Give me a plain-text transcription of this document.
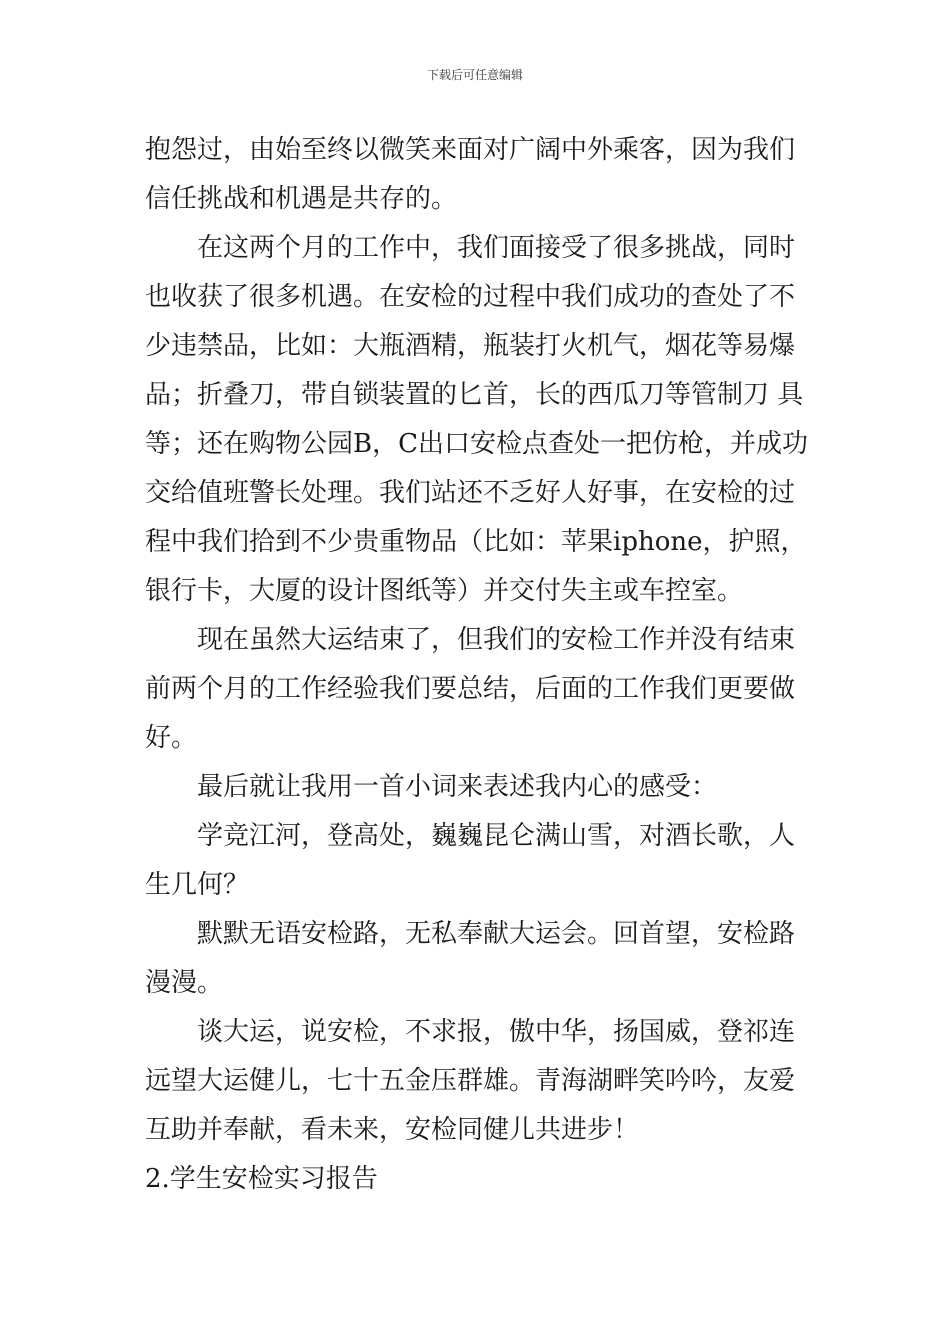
下载后可任意编辑
抱怨过，由始至终以微笑来面对广阔中外乘客，因为我们
信任挑战和机遇是共存的。
在这两个月的工作中，我们面接受了很多挑战，同时
也收获了很多机遇。在安检的过程中我们成功的查处了不
少违禁品，比如：大瓶酒精，瓶装打火机气，烟花等易爆
品；折叠刀，带自锁装置的匕首，长的西瓜刀等管制刀 具
等；还在购物公园B，C出口安检点查处一把仿枪，并成功
交给值班警长处理。我们站还不乏好人好事，在安检的过
程中我们拾到不少贵重物品（比如：苹果iphone，护照，
银行卡，大厦的设计图纸等）并交付失主或车控室。
现在虽然大运结束了，但我们的安检工作并没有结束
前两个月的工作经验我们要总结，后面的工作我们更要做
好。
最后就让我用一首小词来表述我内心的感受：
学竞江河，登高处，巍巍昆仑满山雪，对酒长歌，人
生几何？
默默无语安检路，无私奉献大运会。回首望，安检路
漫漫。
谈大运，说安检，不求报，傲中华，扬国威，登祁连
远望大运健儿，七十五金压群雄。青海湖畔笑吟吟，友爱
互助并奉献，看未来，安检同健儿共进步！
2.学生安检实习报告
